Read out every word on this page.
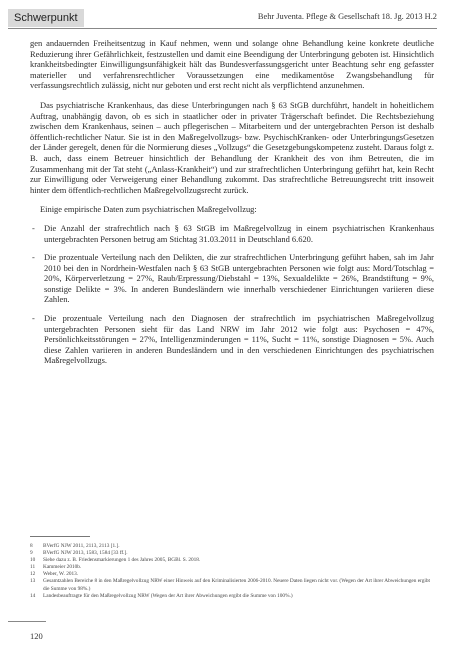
Schwerpunkt	Behr Juventa. Pflege & Gesellschaft 18. Jg. 2013 H.2

gen andauernden Freiheitsentzug in Kauf nehmen, wenn und solange ohne Behandlung keine konkrete deutliche Reduzierung ihrer Gefährlichkeit, festzustellen und damit eine Beendigung der Unterbringung geboten ist. Hinsichtlich krankheitsbedingter Einwilligungsunfähigkeit hält das Bundesverfassungsgericht unter Beachtung sehr eng gefasster materieller und verfahrensrechtlicher Voraussetzungen eine medikamentöse Zwangsbehandlung für verfassungsrechtlich zulässig, nicht nur geboten und erst recht nicht als verpflichtend anzunehmen.

Das psychiatrische Krankenhaus, das diese Unterbringungen nach § 63 StGB durchführt, handelt in hoheitlichem Auftrag, unabhängig davon, ob es sich in staatlicher oder in privater Trägerschaft befindet. Die Rechtsbeziehung zwischen dem Krankenhaus, seinen – auch pflegerischen – Mitarbeitern und der untergebrachten Person ist deshalb öffentlich-rechtlicher Natur. Sie ist in den Maßregelvollzugs- bzw. PsychischKranken- oder UnterbringungsGesetzen der Länder geregelt, denen für die Normierung dieses „Vollzugs“ die Gesetzgebungskompetenz zusteht. Daraus folgt z. B. auch, dass einem Betreuer hinsichtlich der Behandlung der Krankheit des von ihm Betreuten, die im Zusammenhang mit der Tat steht („Anlass-Krankheit“) und zur strafrechtlichen Unterbringung geführt hat, kein Recht zur Einwilligung oder Verweigerung einer Behandlung zukommt. Das strafrechtliche Betreuungsrecht tritt insoweit hinter dem öffentlich-rechtlichen Maßregelvollzugsrecht zurück.

Einige empirische Daten zum psychiatrischen Maßregelvollzug:

- Die Anzahl der strafrechtlich nach § 63 StGB im Maßregelvollzug in einem psychiatrischen Krankenhaus untergebrachten Personen betrug am Stichtag 31.03.2011 in Deutschland 6.620.
- Die prozentuale Verteilung nach den Delikten, die zur strafrechtlichen Unterbringung geführt haben, sah im Jahr 2010 bei den in Nordrhein-Westfalen nach § 63 StGB untergebrachten Personen wie folgt aus: Mord/Totschlag = 20%, Körperverletzung = 27%, Raub/Erpressung/Diebstahl = 13%, Sexualdelikte = 26%, Brandstiftung = 9%, sonstige Delikte = 3%. In anderen Bundesländern wie innerhalb verschiedener Einrichtungen variieren diese Zahlen.
- Die prozentuale Verteilung nach den Diagnosen der strafrechtlich im psychiatrischen Maßregelvollzug untergebrachten Personen sieht für das Land NRW im Jahr 2012 wie folgt aus: Psychosen = 47%, Persönlichkeitsstörungen = 27%, Intelligenzminderungen = 11%, Sucht = 11%, sonstige Diagnosen = 5%. Auch diese Zahlen variieren in anderen Bundesländern und in den verschiedenen Einrichtungen des psychiatrischen Maßregelvollzugs.
8 BVerfG NJW 2011, 2113, 2113 [1.].
9 BVerfG NJW 2013, 1583, 1584 [33 ff.].
10 Siehe dazu z. B. Friedensmarkierungen 1 des Jahres 2005, BGBl. S. 2018.
11 Kammeier 2010b.
12 Weber, W. 2013.
13 Gesamtzahlen Bereiche 8 in den Maßregelvollzug NRW einer Hinweis auf den Kriminalisierten 2006-2010. Neuere Daten liegen nicht vor. (Wegen der Art ihrer Abweichungen ergibt die Summe von 98%.)
14 Landesbeauftragte für den Maßregelvollzug NRW (Wegen der Art ihrer Abweichungen ergibt die Summe von 100%.)
120
